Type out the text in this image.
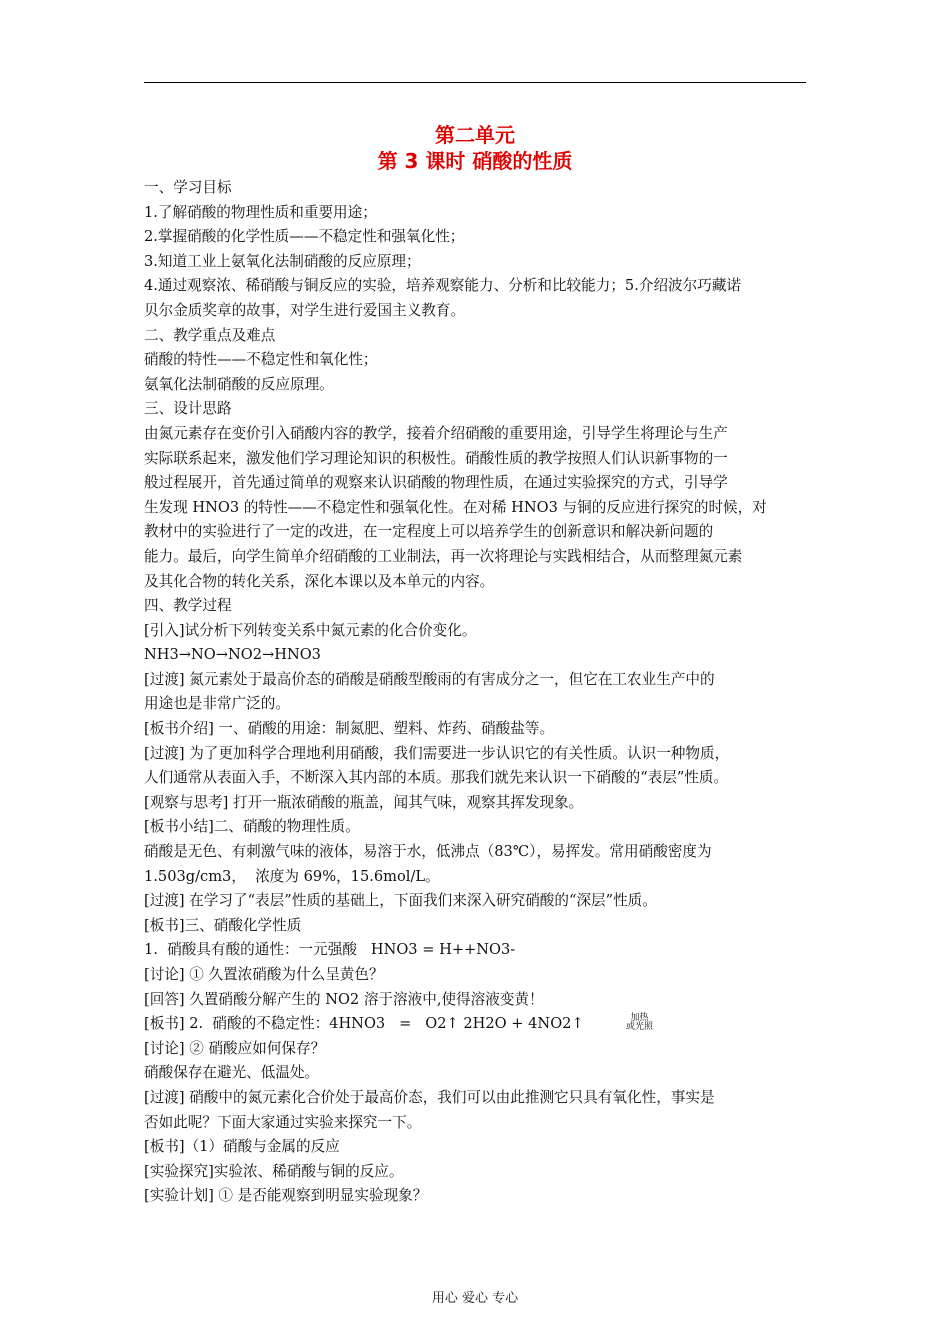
第二单元
第 3 课时 硝酸的性质

一、学习目标

1.了解硝酸的物理性质和重要用途；

2.掌握硝酸的化学性质——不稳定性和强氧化性；

3.知道工业上氨氧化法制硝酸的反应原理；

4.通过观察浓、稀硝酸与铜反应的实验，培养观察能力、分析和比较能力；5.介绍波尔巧藏诺

贝尔金质奖章的故事，对学生进行爱国主义教育。

二、教学重点及难点

硝酸的特性——不稳定性和氧化性；

氨氧化法制硝酸的反应原理。

三、设计思路

由氮元素存在变价引入硝酸内容的教学，接着介绍硝酸的重要用途，引导学生将理论与生产

实际联系起来，激发他们学习理论知识的积极性。硝酸性质的教学按照人们认识新事物的一

般过程展开，首先通过简单的观察来认识硝酸的物理性质，在通过实验探究的方式，引导学

生发现 HNO3 的特性——不稳定性和强氧化性。在对稀 HNO3 与铜的反应进行探究的时候，对

教材中的实验进行了一定的改进，在一定程度上可以培养学生的创新意识和解决新问题的

能力。最后，向学生简单介绍硝酸的工业制法，再一次将理论与实践相结合，从而整理氮元素

及其化合物的转化关系，深化本课以及本单元的内容。

四、教学过程

[引入]试分析下列转变关系中氮元素的化合价变化。

NH3→NO→NO2→HNO3

[过渡] 氮元素处于最高价态的硝酸是硝酸型酸雨的有害成分之一，但它在工农业生产中的

用途也是非常广泛的。

[板书介绍] 一、硝酸的用途：制氮肥、塑料、炸药、硝酸盐等。

[过渡] 为了更加科学合理地利用硝酸，我们需要进一步认识它的有关性质。认识一种物质，

人们通常从表面入手，不断深入其内部的本质。那我们就先来认识一下硝酸的“表层”性质。

[观察与思考] 打开一瓶浓硝酸的瓶盖，闻其气味，观察其挥发现象。

[板书小结]二、硝酸的物理性质。

硝酸是无色、有刺激气味的液体，易溶于水，低沸点（83℃），易挥发。常用硝酸密度为

1.503g/cm3，  浓度为 69%，15.6mol/L。

[过渡] 在学习了“表层”性质的基础上，下面我们来深入研究硝酸的“深层”性质。

[板书]三、硝酸化学性质

1.  硝酸具有酸的通性：一元强酸   HNO3 = H++NO3-

[讨论] ① 久置浓硝酸为什么呈黄色？

[回答] 久置硝酸分解产生的 NO2 溶于溶液中,使得溶液变黄！

[板书] 2.  硝酸的不稳定性：4HNO3   =   O2↑ 2H2O + 4NO2↑	加热
或光照

[讨论] ② 硝酸应如何保存？

硝酸保存在避光、低温处。

[过渡] 硝酸中的氮元素化合价处于最高价态，我们可以由此推测它只具有氧化性，事实是

否如此呢？下面大家通过实验来探究一下。

[板书]（1）硝酸与金属的反应

[实验探究]实验浓、稀硝酸与铜的反应。

[实验计划] ① 是否能观察到明显实验现象？

用心 爱心 专心
